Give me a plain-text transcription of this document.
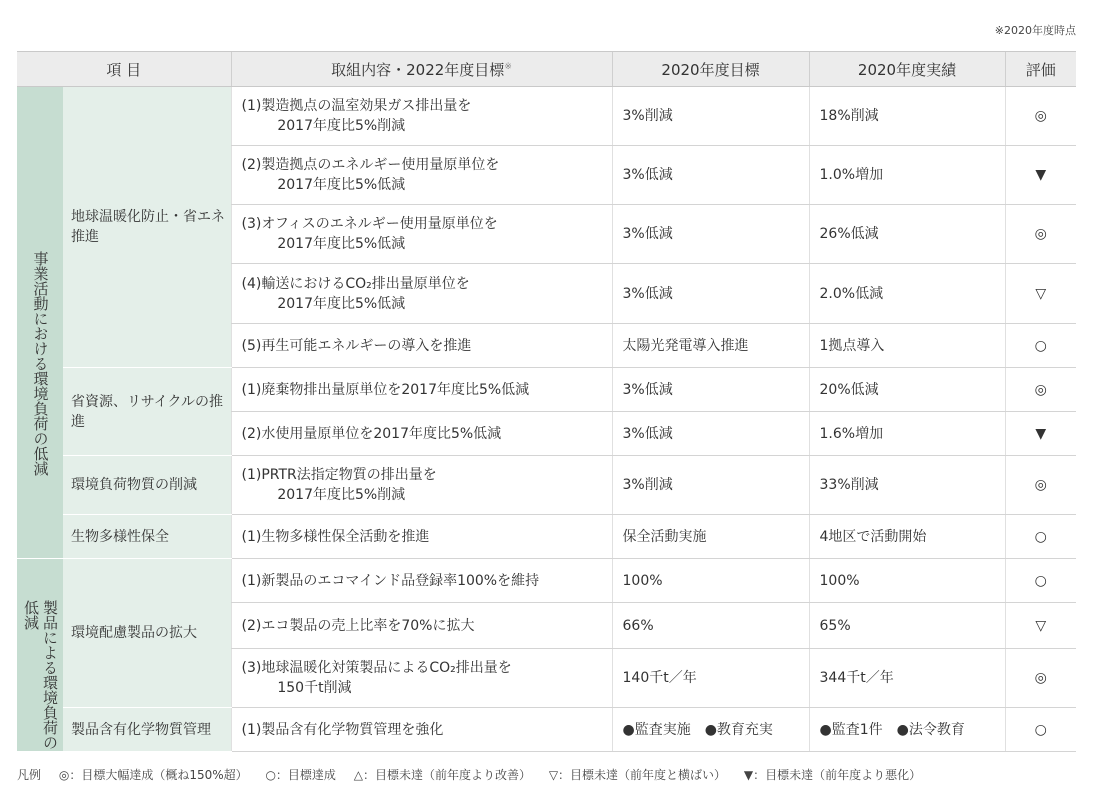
※2020年度時点
項 目		取組内容・2022年度目標※	2020年度目標	2020年度実績	評価

事業活動における環境負荷の低減	地球温暖化防止・省エネ推進	(1) 製造拠点の温室効果ガス排出量を
2017年度比5%削減	3%削減	18%削減	◎

		(2) 製造拠点のエネルギー使用量原単位を
2017年度比5%低減	3%低減	1.0%増加	▼

		(3) オフィスのエネルギー使用量原単位を
2017年度比5%低減	3%低減	26%低減	◎

		(4) 輸送におけるCO₂排出量原単位を
2017年度比5%低減	3%低減	2.0%低減	▽

		(5) 再生可能エネルギーの導入を推進	太陽光発電導入推進	1拠点導入	○
	省資源、リサイクルの推進	(1) 廃棄物排出量原単位を2017年度比5%低減	3%低減	20%低減	◎

		(2) 水使用量原単位を2017年度比5%低減	3%低減	1.6%増加	▼
	環境負荷物質の削減	(1) PRTR法指定物質の排出量を
2017年度比5%削減	3%削減	33%削減	◎
	生物多様性保全	(1) 生物多様性保全活動を推進	保全活動実施	4地区で活動開始	○

製品による環境負荷の低減	環境配慮製品の拡大	(1) 新製品のエコマインド品登録率100%を維持	100%	100%	○

		(2) エコ製品の売上比率を70%に拡大	66%	65%	▽

		(3) 地球温暖化対策製品によるCO₂排出量を
150千t削減	140千t／年	344千t／年	◎
	製品含有化学物質管理	(1) 製品含有化学物質管理を強化	●監査実施　●教育充実	●監査1件　●法令教育	○
凡例 ◎：目標大幅達成（概ね150%超） ○：目標達成 △：目標未達（前年度より改善） ▽：目標未達（前年度と横ばい） ▼：目標未達（前年度より悪化）
